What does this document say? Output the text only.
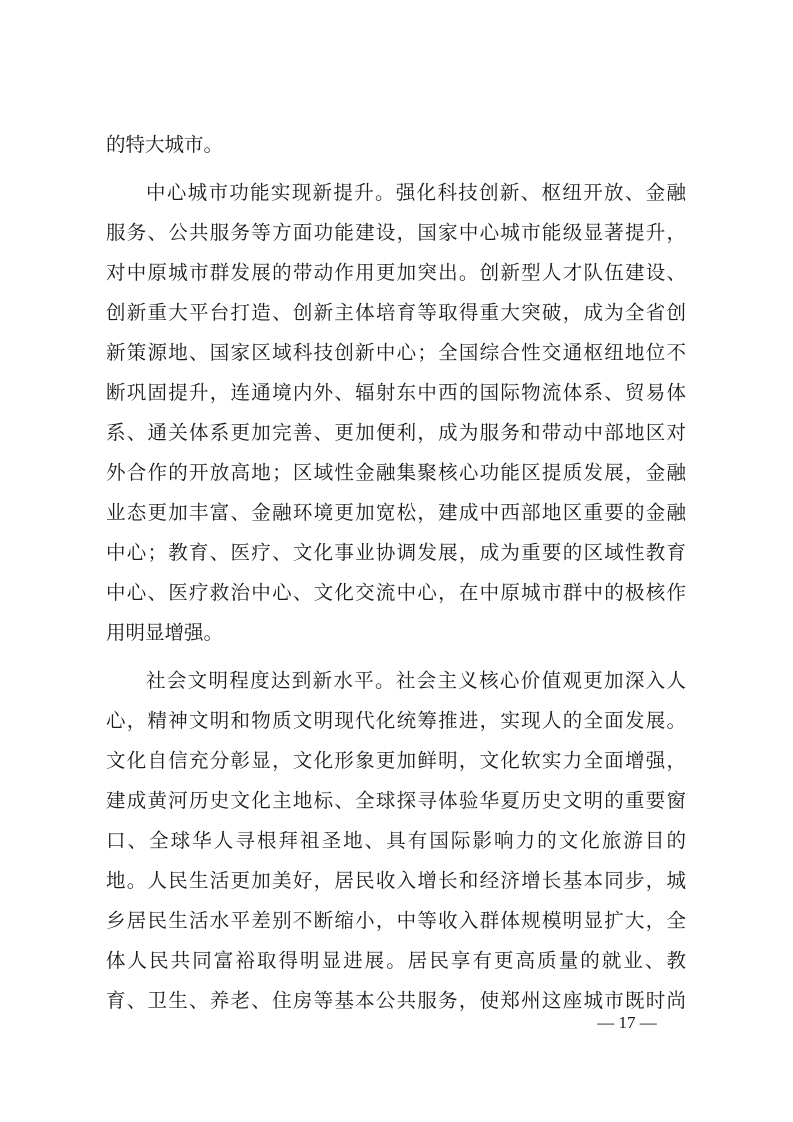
的特大城市。
中心城市功能实现新提升。强化科技创新、枢纽开放、金融
服务、公共服务等方面功能建设，国家中心城市能级显著提升，
对中原城市群发展的带动作用更加突出。创新型人才队伍建设、
创新重大平台打造、创新主体培育等取得重大突破，成为全省创
新策源地、国家区域科技创新中心；全国综合性交通枢纽地位不
断巩固提升，连通境内外、辐射东中西的国际物流体系、贸易体
系、通关体系更加完善、更加便利，成为服务和带动中部地区对
外合作的开放高地；区域性金融集聚核心功能区提质发展，金融
业态更加丰富、金融环境更加宽松，建成中西部地区重要的金融
中心；教育、医疗、文化事业协调发展，成为重要的区域性教育
中心、医疗救治中心、文化交流中心，在中原城市群中的极核作
用明显增强。
社会文明程度达到新水平。社会主义核心价值观更加深入人
心，精神文明和物质文明现代化统筹推进，实现人的全面发展。
文化自信充分彰显，文化形象更加鲜明，文化软实力全面增强，
建成黄河历史文化主地标、全球探寻体验华夏历史文明的重要窗
口、全球华人寻根拜祖圣地、具有国际影响力的文化旅游目的
地。人民生活更加美好，居民收入增长和经济增长基本同步，城
乡居民生活水平差别不断缩小，中等收入群体规模明显扩大，全
体人民共同富裕取得明显进展。居民享有更高质量的就业、教
育、卫生、养老、住房等基本公共服务，使郑州这座城市既时尚
— 17 —
